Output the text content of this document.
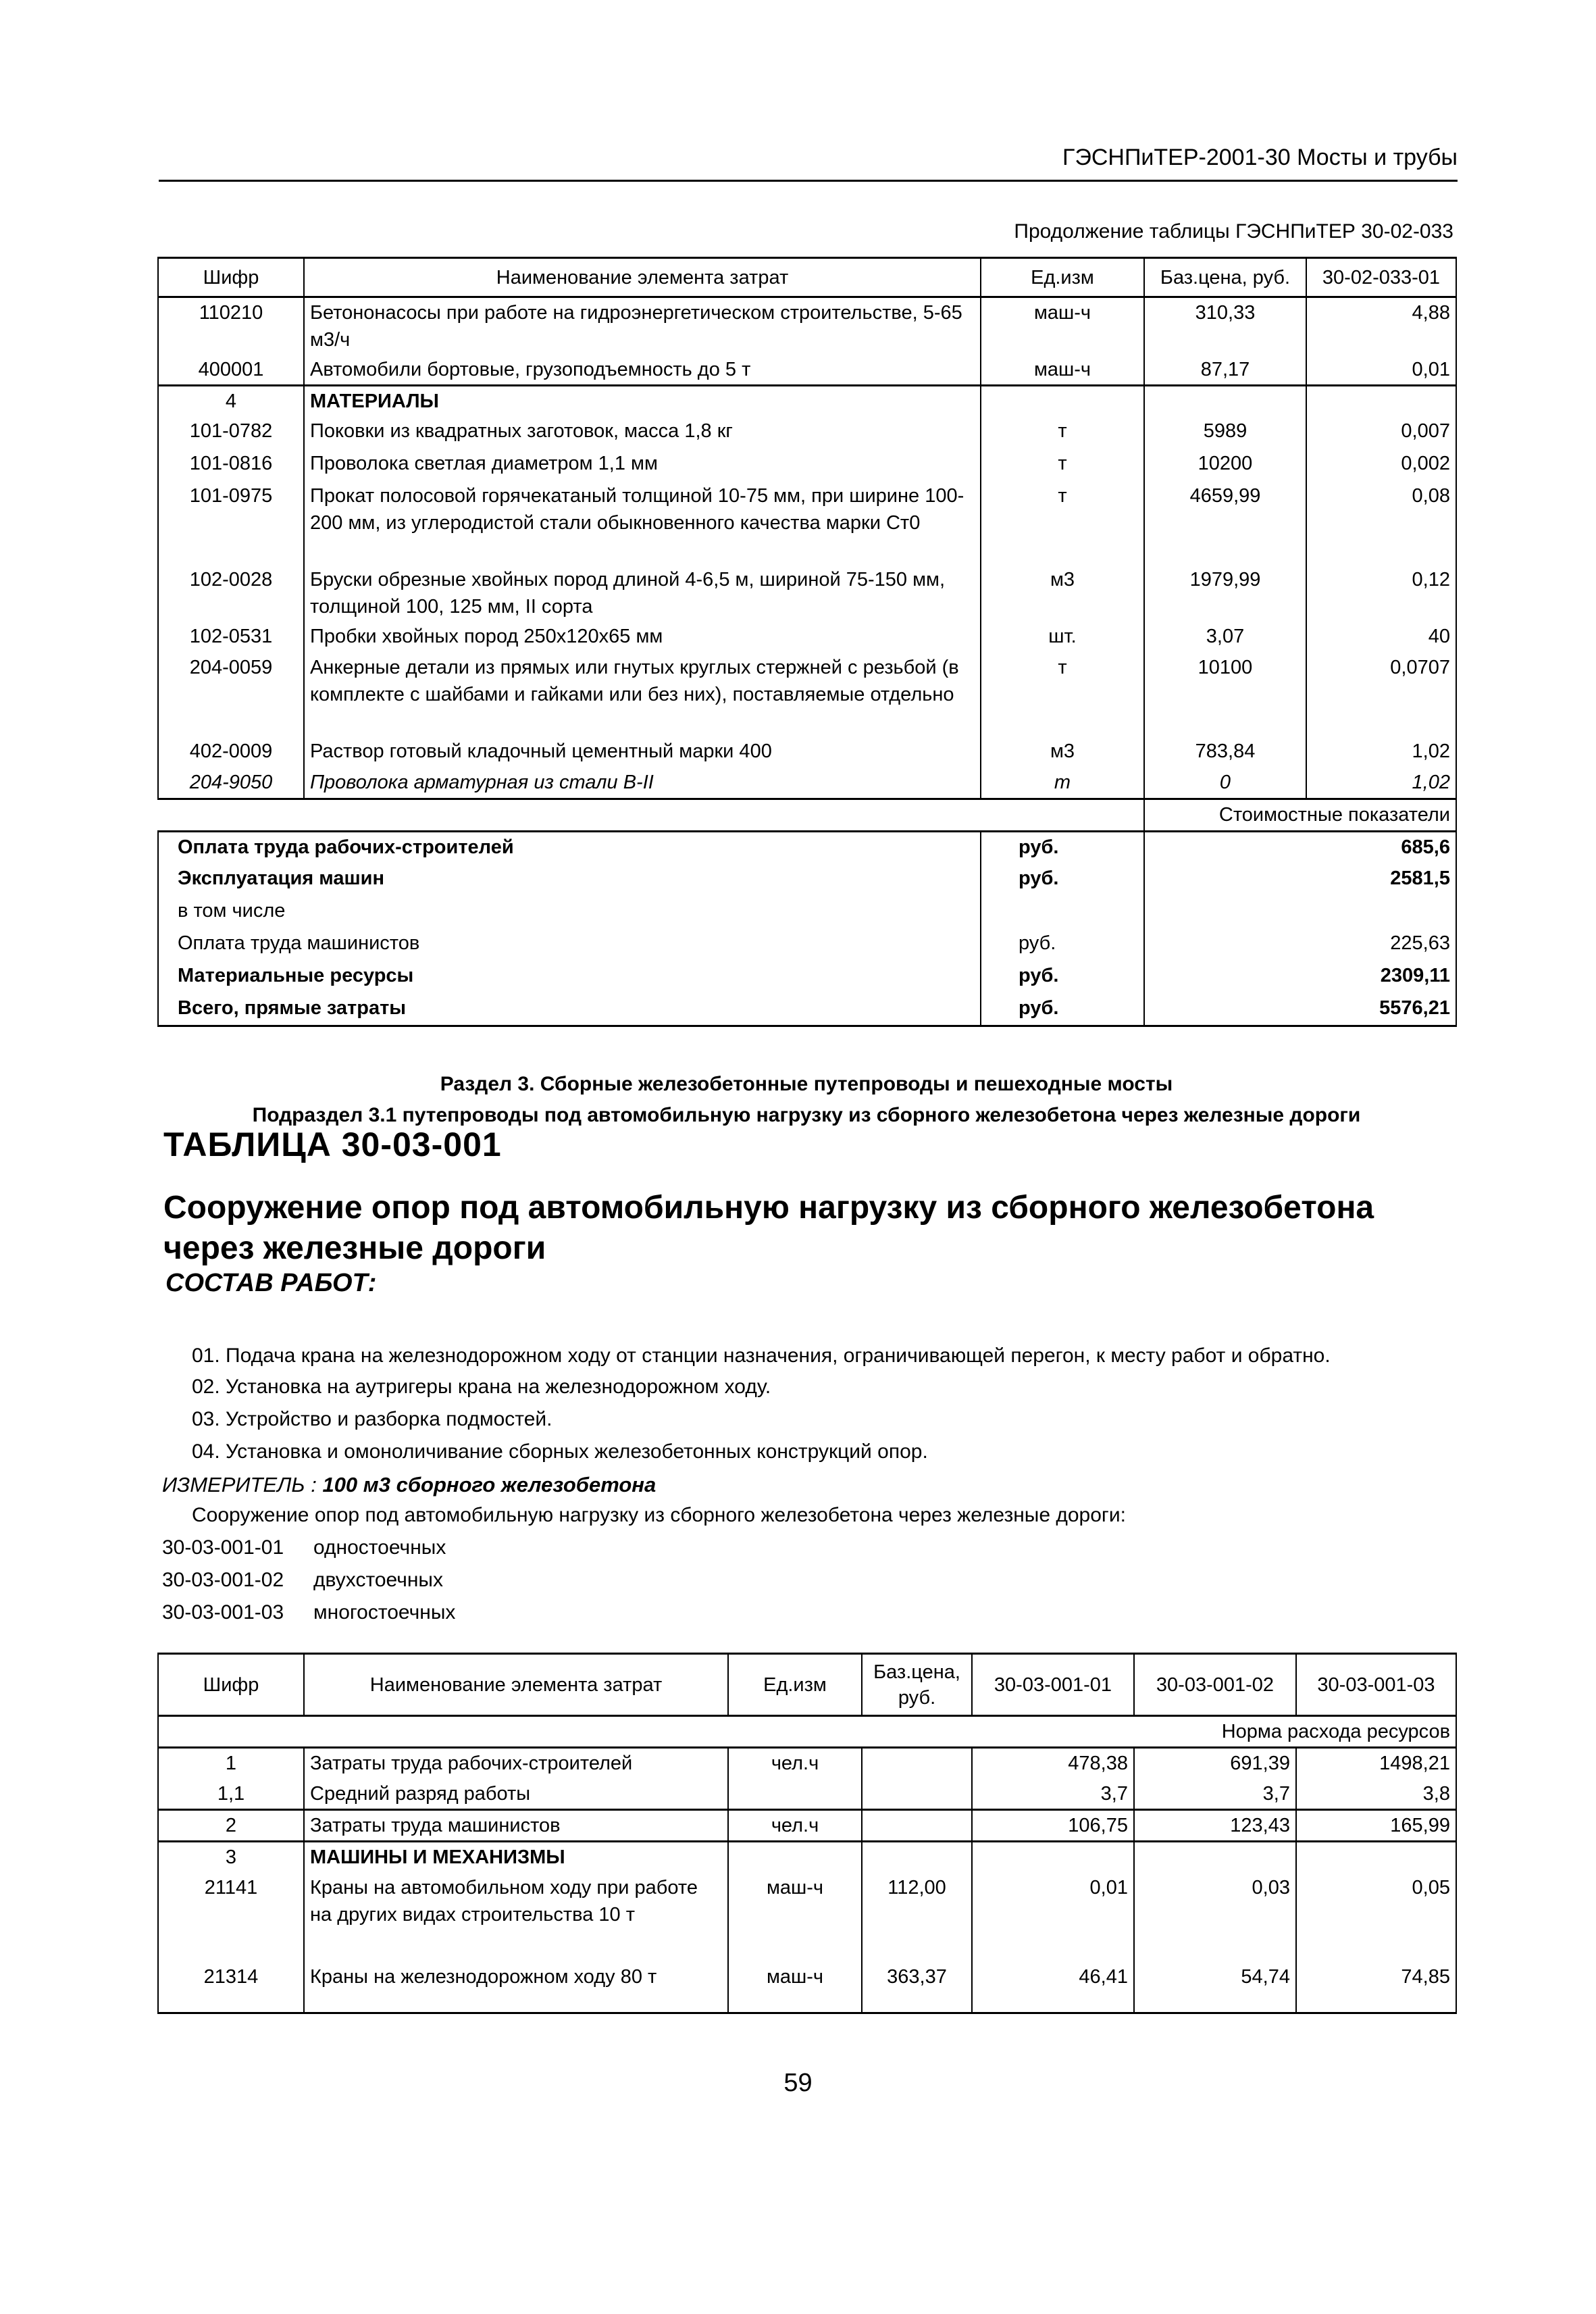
ГЭСНПиТЕР-2001-30 Мосты и трубы
Продолжение таблицы ГЭСНПиТЕР 30-02-033
Шифр	Наименование элемента затрат	Ед.изм	Баз.цена, руб.	30-02-033-01
110210	Бетононасосы при работе на гидроэнергетическом строительстве, 5-65 м3/ч	маш-ч	310,33	4,88
400001	Автомобили бортовые, грузоподъемность до 5 т	маш-ч	87,17	0,01
4	МАТЕРИАЛЫ			
101-0782	Поковки из квадратных заготовок, масса 1,8 кг	т	5989	0,007
101-0816	Проволока светлая диаметром 1,1 мм	т	10200	0,002
101-0975	Прокат полосовой горячекатаный толщиной 10-75 мм, при ширине 100-200 мм, из углеродистой стали обыкновенного качества марки Ст0	т	4659,99	0,08
102-0028	Бруски обрезные хвойных пород длиной 4-6,5 м, шириной 75-150 мм, толщиной 100, 125 мм, II сорта	м3	1979,99	0,12
102-0531	Пробки хвойных пород 250х120х65 мм	шт.	3,07	40
204-0059	Анкерные детали из прямых или гнутых круглых стержней с резьбой (в комплекте с шайбами и гайками или без них), поставляемые отдельно	т	10100	0,0707
402-0009	Раствор готовый кладочный цементный марки 400	м3	783,84	1,02
204-9050	Проволока арматурная из стали В-II	т	0	1,02
			Стоимостные показатели	
Оплата труда рабочих-строителей		руб.		685,6
Эксплуатация машин		руб.		2581,5
в том числе				
Оплата труда машинистов		руб.		225,63
Материальные ресурсы		руб.		2309,11
Всего, прямые затраты		руб.		5576,21
Раздел 3. Сборные железобетонные путепроводы и пешеходные мосты
Подраздел 3.1 путепроводы под автомобильную нагрузку из сборного железобетона через железные дороги
ТАБЛИЦА 30-03-001
Сооружение опор под автомобильную нагрузку из сборного железобетона через железные дороги
СОСТАВ РАБОТ:
01. Подача крана на железнодорожном ходу от станции назначения, ограничивающей перегон, к месту работ и обратно.
02. Установка на аутригеры крана на железнодорожном ходу.
03. Устройство и разборка подмостей.
04. Установка и омоноличивание сборных железобетонных конструкций опор.
ИЗМЕРИТЕЛЬ : 100 м3 сборного железобетона
Сооружение опор под автомобильную нагрузку из сборного железобетона через железные дороги:
30-03-001-01 одностоечных
30-03-001-02 двухстоечных
30-03-001-03 многостоечных
Шифр	Наименование элемента затрат	Ед.изм	Баз.цена, руб.	30-03-001-01	30-03-001-02	30-03-001-03
Норма расхода ресурсов						
1	Затраты труда рабочих-строителей	чел.ч		478,38	691,39	1498,21
1,1	Средний разряд работы			3,7	3,7	3,8
2	Затраты труда машинистов	чел.ч		106,75	123,43	165,99
3	МАШИНЫ И МЕХАНИЗМЫ					
21141	Краны на автомобильном ходу при работе на других видах строительства 10 т	маш-ч	112,00	0,01	0,03	0,05
21314	Краны на железнодорожном ходу 80 т	маш-ч	363,37	46,41	54,74	74,85
59
